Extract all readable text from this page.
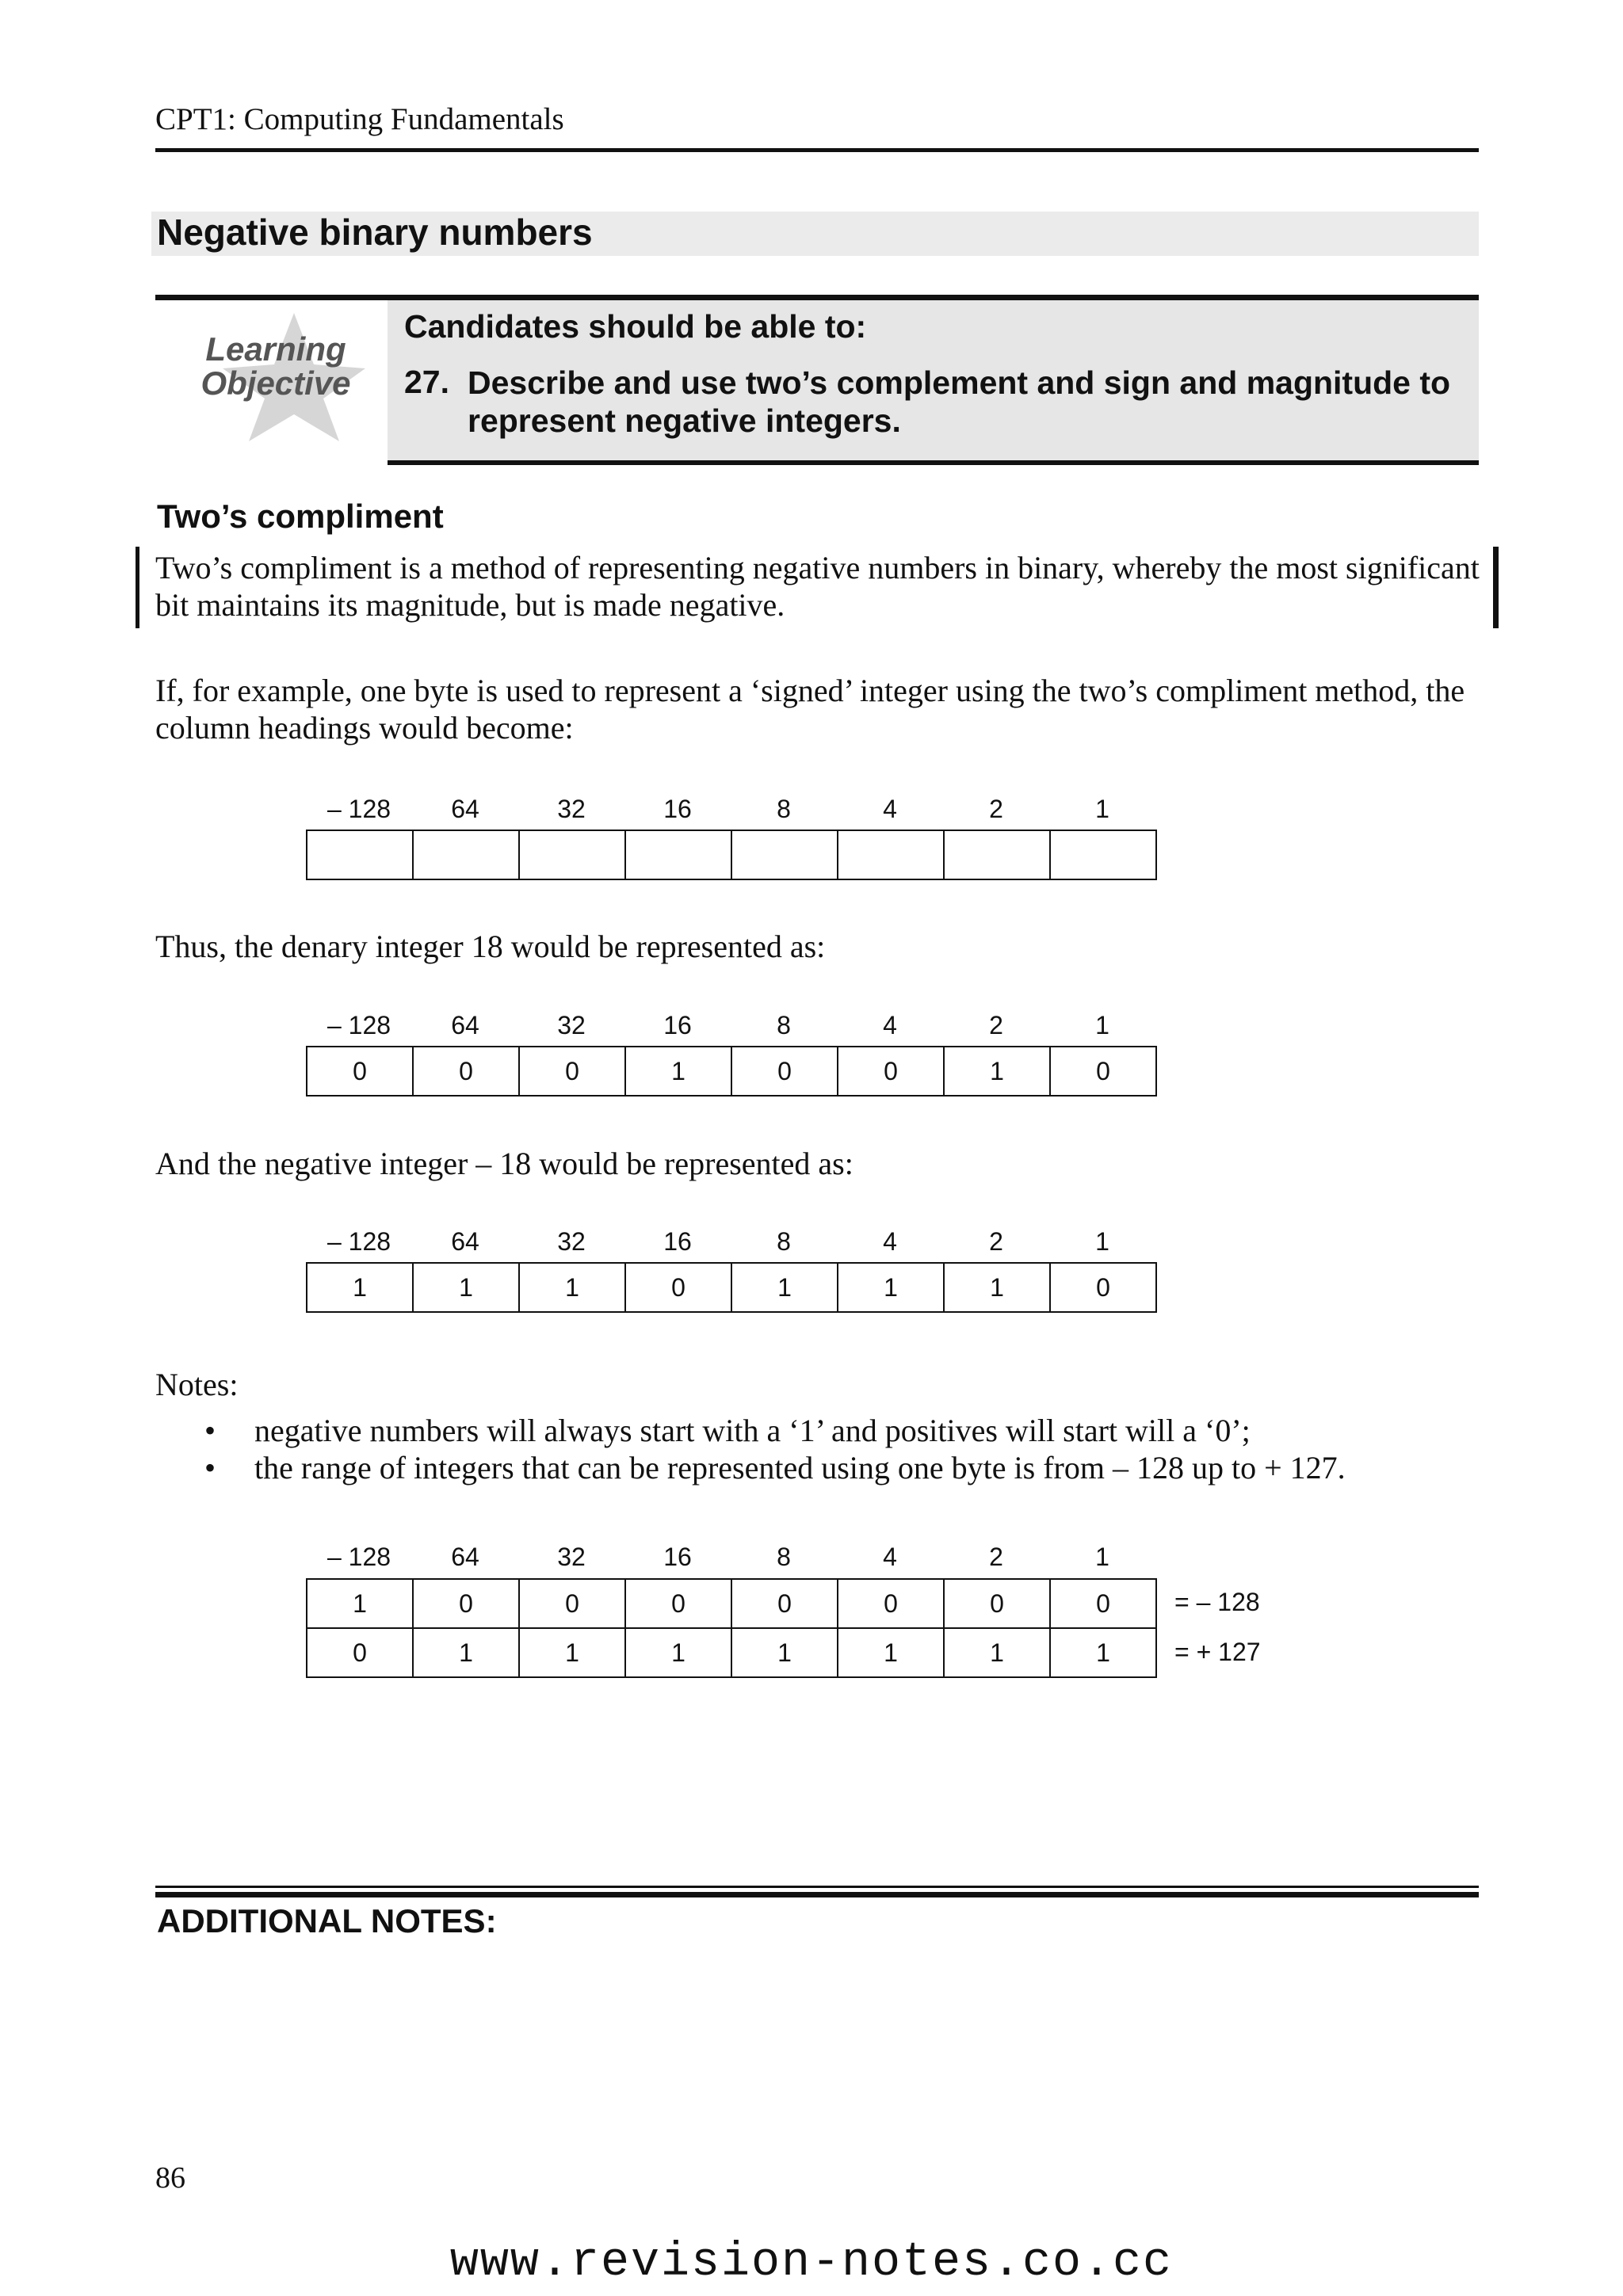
CPT1: Computing Fundamentals
Negative binary numbers
Learning
Objective
Candidates should be able to:
27. Describe and use two’s complement and sign and magnitude to represent negative integers.
Two’s compliment
Two’s compliment is a method of representing negative numbers in binary, whereby the most significant bit maintains its magnitude, but is made negative.
If, for example, one byte is used to represent a ‘signed’ integer using the two’s compliment method, the column headings would become:
– 128	64	32	16	8	4	2	1
Thus, the denary integer 18 would be represented as:
– 128	64	32	16	8	4	2	1
0	0	0	1	0	0	1	0
And the negative integer – 18 would be represented as:
– 128	64	32	16	8	4	2	1
1	1	1	0	1	1	1	0
Notes:
• negative numbers will always start with a ‘1’ and positives will start will a ‘0’;
• the range of integers that can be represented using one byte is from – 128 up to + 127.
– 128	64	32	16	8	4	2	1
1	0	0	0	0	0	0	0	= – 128
0	1	1	1	1	1	1	1	= + 127
ADDITIONAL NOTES:
86
www.revision-notes.co.cc
